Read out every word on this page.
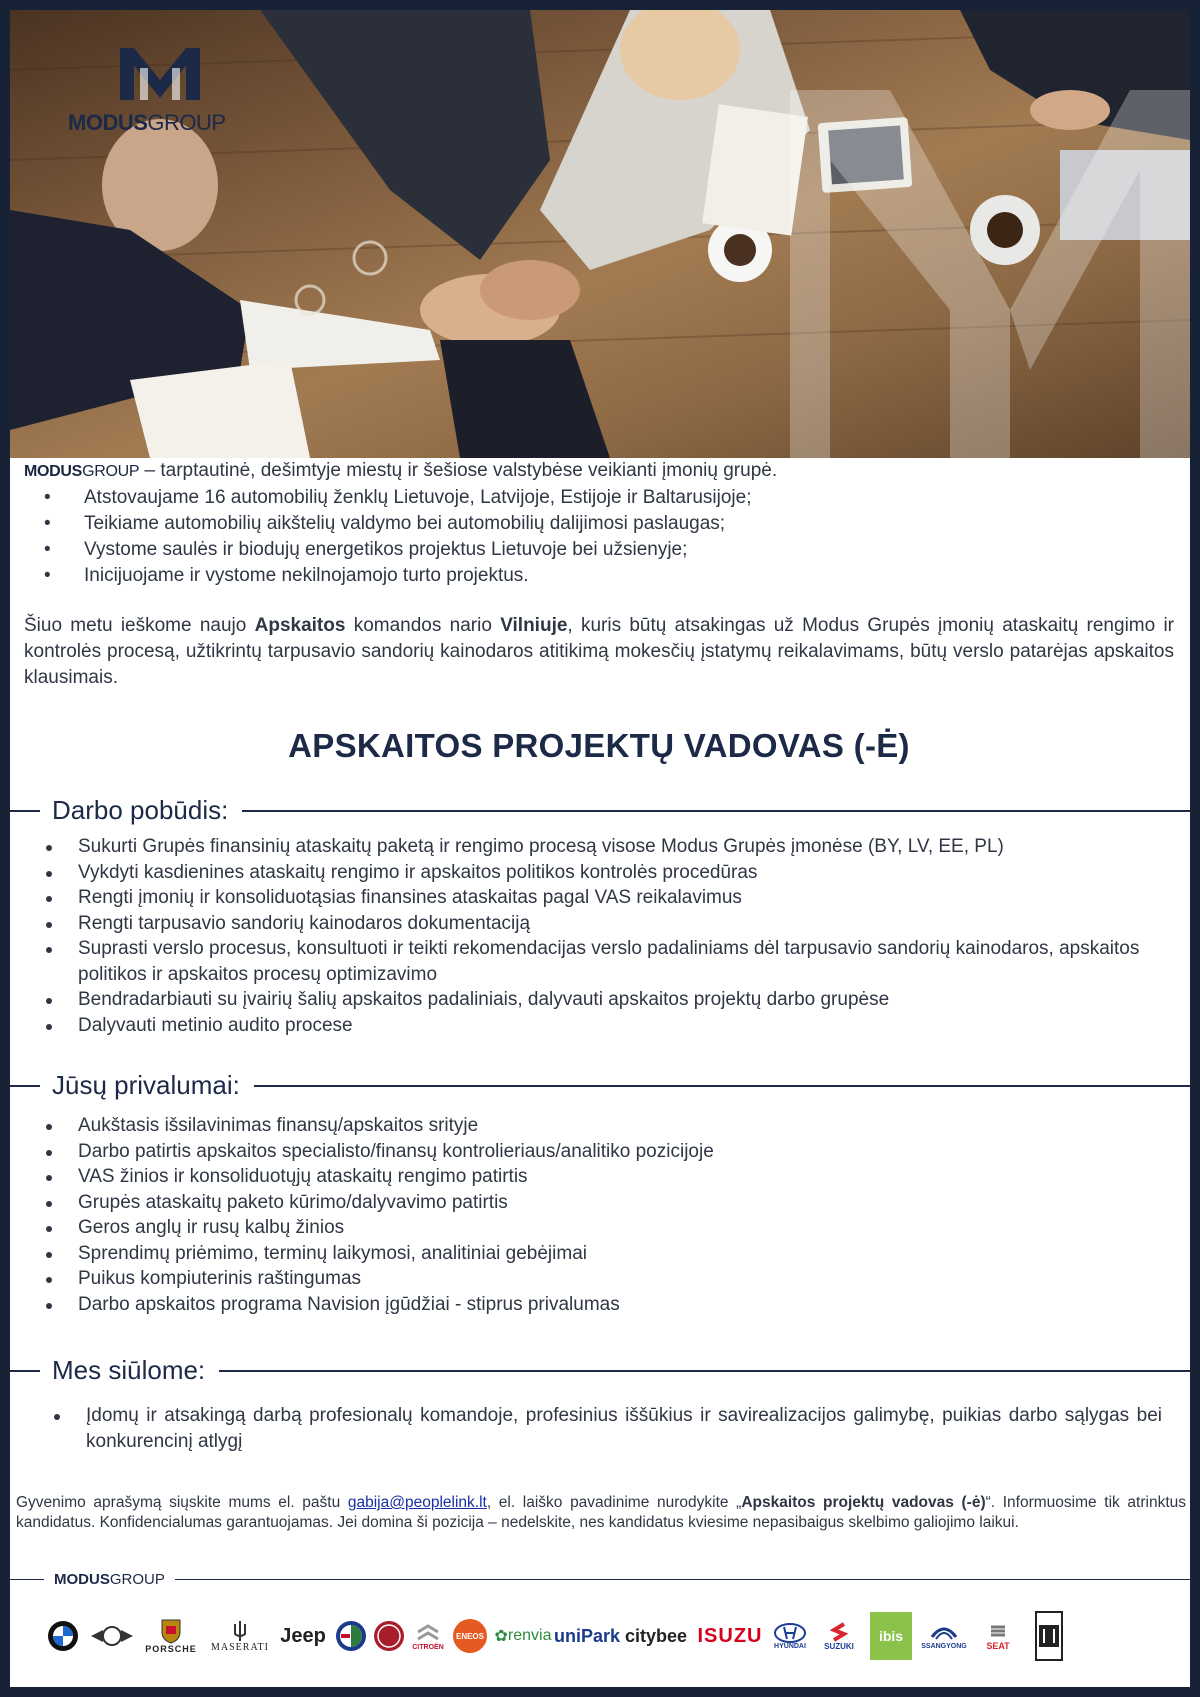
MODUSGROUP
MODUSGROUP – tarptautinė, dešimtyje miestų ir šešiose valstybėse veikianti įmonių grupė.
• Atstovaujame 16 automobilių ženklų Lietuvoje, Latvijoje, Estijoje ir Baltarusijoje;
• Teikiame automobilių aikštelių valdymo bei automobilių dalijimosi paslaugas;
• Vystome saulės ir biodujų energetikos projektus Lietuvoje bei užsienyje;
• Inicijuojame ir vystome nekilnojamojo turto projektus.
Šiuo metu ieškome naujo Apskaitos komandos nario Vilniuje, kuris būtų atsakingas už Modus Grupės įmonių ataskaitų rengimo ir kontrolės procesą, užtikrintų tarpusavio sandorių kainodaros atitikimą mokesčių įstatymų reikalavimams, būtų verslo patarėjas apskaitos klausimais.
APSKAITOS PROJEKTŲ VADOVAS (-Ė)
Darbo pobūdis:
Sukurti Grupės finansinių ataskaitų paketą ir rengimo procesą visose Modus Grupės įmonėse (BY, LV, EE, PL)
Vykdyti kasdienines ataskaitų rengimo ir apskaitos politikos kontrolės procedūras
Rengti įmonių ir konsoliduotąsias finansines ataskaitas pagal VAS reikalavimus
Rengti tarpusavio sandorių kainodaros dokumentaciją
Suprasti verslo procesus, konsultuoti ir teikti rekomendacijas verslo padaliniams dėl tarpusavio sandorių kainodaros, apskaitos politikos ir apskaitos procesų optimizavimo
Bendradarbiauti su įvairių šalių apskaitos padaliniais, dalyvauti apskaitos projektų darbo grupėse
Dalyvauti metinio audito procese
Jūsų privalumai:
Aukštasis išsilavinimas finansų/apskaitos srityje
Darbo patirtis apskaitos specialisto/finansų kontrolieriaus/analitiko pozicijoje
VAS žinios ir konsoliduotųjų ataskaitų rengimo patirtis
Grupės ataskaitų paketo kūrimo/dalyvavimo patirtis
Geros anglų ir rusų kalbų žinios
Sprendimų priėmimo, terminų laikymosi, analitiniai gebėjimai
Puikus kompiuterinis raštingumas
Darbo apskaitos programa Navision įgūdžiai - stiprus privalumas
Mes siūlome:
Įdomų ir atsakingą darbą profesionalų komandoje, profesinius iššūkius ir savirealizacijos galimybę, puikias darbo sąlygas bei konkurencinį atlygį
Gyvenimo aprašymą siųskite mums el. paštu gabija@peoplelink.lt, el. laiško pavadinime nurodykite „Apskaitos projektų vadovas (-ė)“. Informuosime tik atrinktus kandidatus. Konfidencialumas garantuojamas. Jei domina ši pozicija – nedelskite, nes kandidatus kviesime nepasibaigus skelbimo galiojimo laikui.
MODUSGROUP
PORSCHE MASERATI
Jeep
CITROËN
ENEOS ✿ renvia uniPark citybee ISUZU HYUNDAI SUZUKI
ibis
SSANGYONG SEAT
